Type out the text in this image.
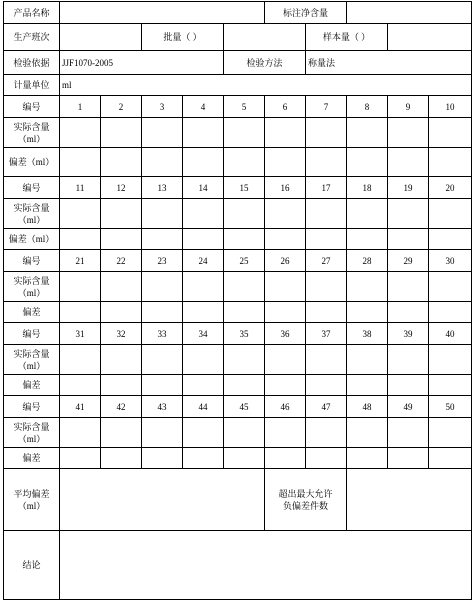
产品名称						标注净含量				
生产班次			批量（ ）				样本量（ ）			
检验依据	JJF1070-2005				检验方法		称量法			
计量单位	ml									
编号	1	2	3	4	5	6	7	8	9	10
实际含量（ml）										
偏差（ml）										
编号	11	12	13	14	15	16	17	18	19	20
实际含量（ml）										
偏差（ml）										
编号	21	22	23	24	25	26	27	28	29	30
实际含量（ml）										
偏差										
编号	31	32	33	34	35	36	37	38	39	40
实际含量（ml）										
偏差										
编号	41	42	43	44	45	46	47	48	49	50
实际含量（ml）										
偏差										
平均偏差（ml）						超出最大允许负偏差件数				
结论										
